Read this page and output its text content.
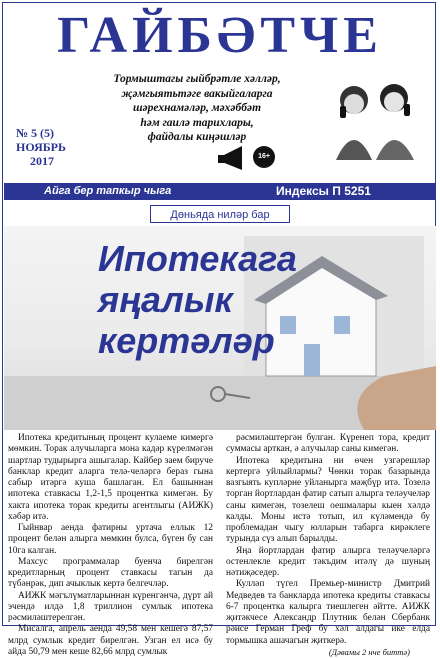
ГАЙБӘТЧЕ
Тормыштагы гыйбрәтле хәлләр,
җәмгыятьтәге вакыйгаларга
шәрехнамәләр, мәхәббәт
һәм гаилә тарихлары,
файдалы киңәшләр
№ 5 (5)
НОЯБРЬ
2017	16+
Айга бер тапкыр чыга	Индексы П 5251
Дөньяда ниләр бар
Ипотекага
яңалык
кертәләр

Ипотека кредитының процент кулаеме кимергә мөмкин. Торак алучыларга мона кадәр күрелмәгән шартлар тудырырга ашыгалар. Кайбер заем биручe банклар кредит аларга телә-челәргә бераз гына сабыр итәргә куша башлаган. Ел башыннан ипотека ставкасы 1,2-1,5 процентка кимегән. Бу хакта ипотека торак кредиты агентлыгы (АИЖК) хәбәр итә.

Гыйнвар аенда фатирны уртача еллык 12 процент белән алырга мөмкин булса, бүген бу сан 10га калган.

Махсус программалар буенча бирелгән кредитларның процент ставкасы тагын да түбәнрәк, дип ачыклык кертә белгечләр.

АИЖК мәгълүматларыннан күренгәнчә, дүрт ай эчендә илдә 1,8 триллион сумлык ипотека рәсмиләштерелгән.

Мисалга, апрель аенда 49,58 мен кешегә 87,57 млрд сумлык кредит бирелгән. Узган ел исә бу айда 50,79 мен кеше 82,66 млрд сумлык

рәсмиләштергән булган. Күренеп тора, кредит суммасы арткан, ә алучылар саны кимегән.

Ипотека кредитына ни өчен узгәрешләр кертергә уйлыйлармы? Чөнки торак базарында вазгыять купләрне уйланырга мәҗбүр итә. Тозелә торган йортлардан фатир сатып алырга теләучеләр саны кимегән, тозелеш оешмалары кыен хәлдә калды. Моны истә тотып, ил күләмендә бу проблемадан чыгу юлларын табарга кирәклеге турында сүз алып барылды.

Яңа йортлардан фатир алырга теләучеләргә остенлекле кредит тәкъдим итәлү дә шуның нәтиҗәседер.

Кулләп түгел Премьер-министр Дмитрий Медведев та банкларда ипотека кредиты ставкасы 6-7 процентка калырга тиешлеген әйтте. АИЖК җитәкчесе Александр Плутник белән Сбербанк рәисе Герман Греф бу хәл алдагы ике елда тормышка ашачагын җиткерә.

(Дәвамы 2 нче биттә)
